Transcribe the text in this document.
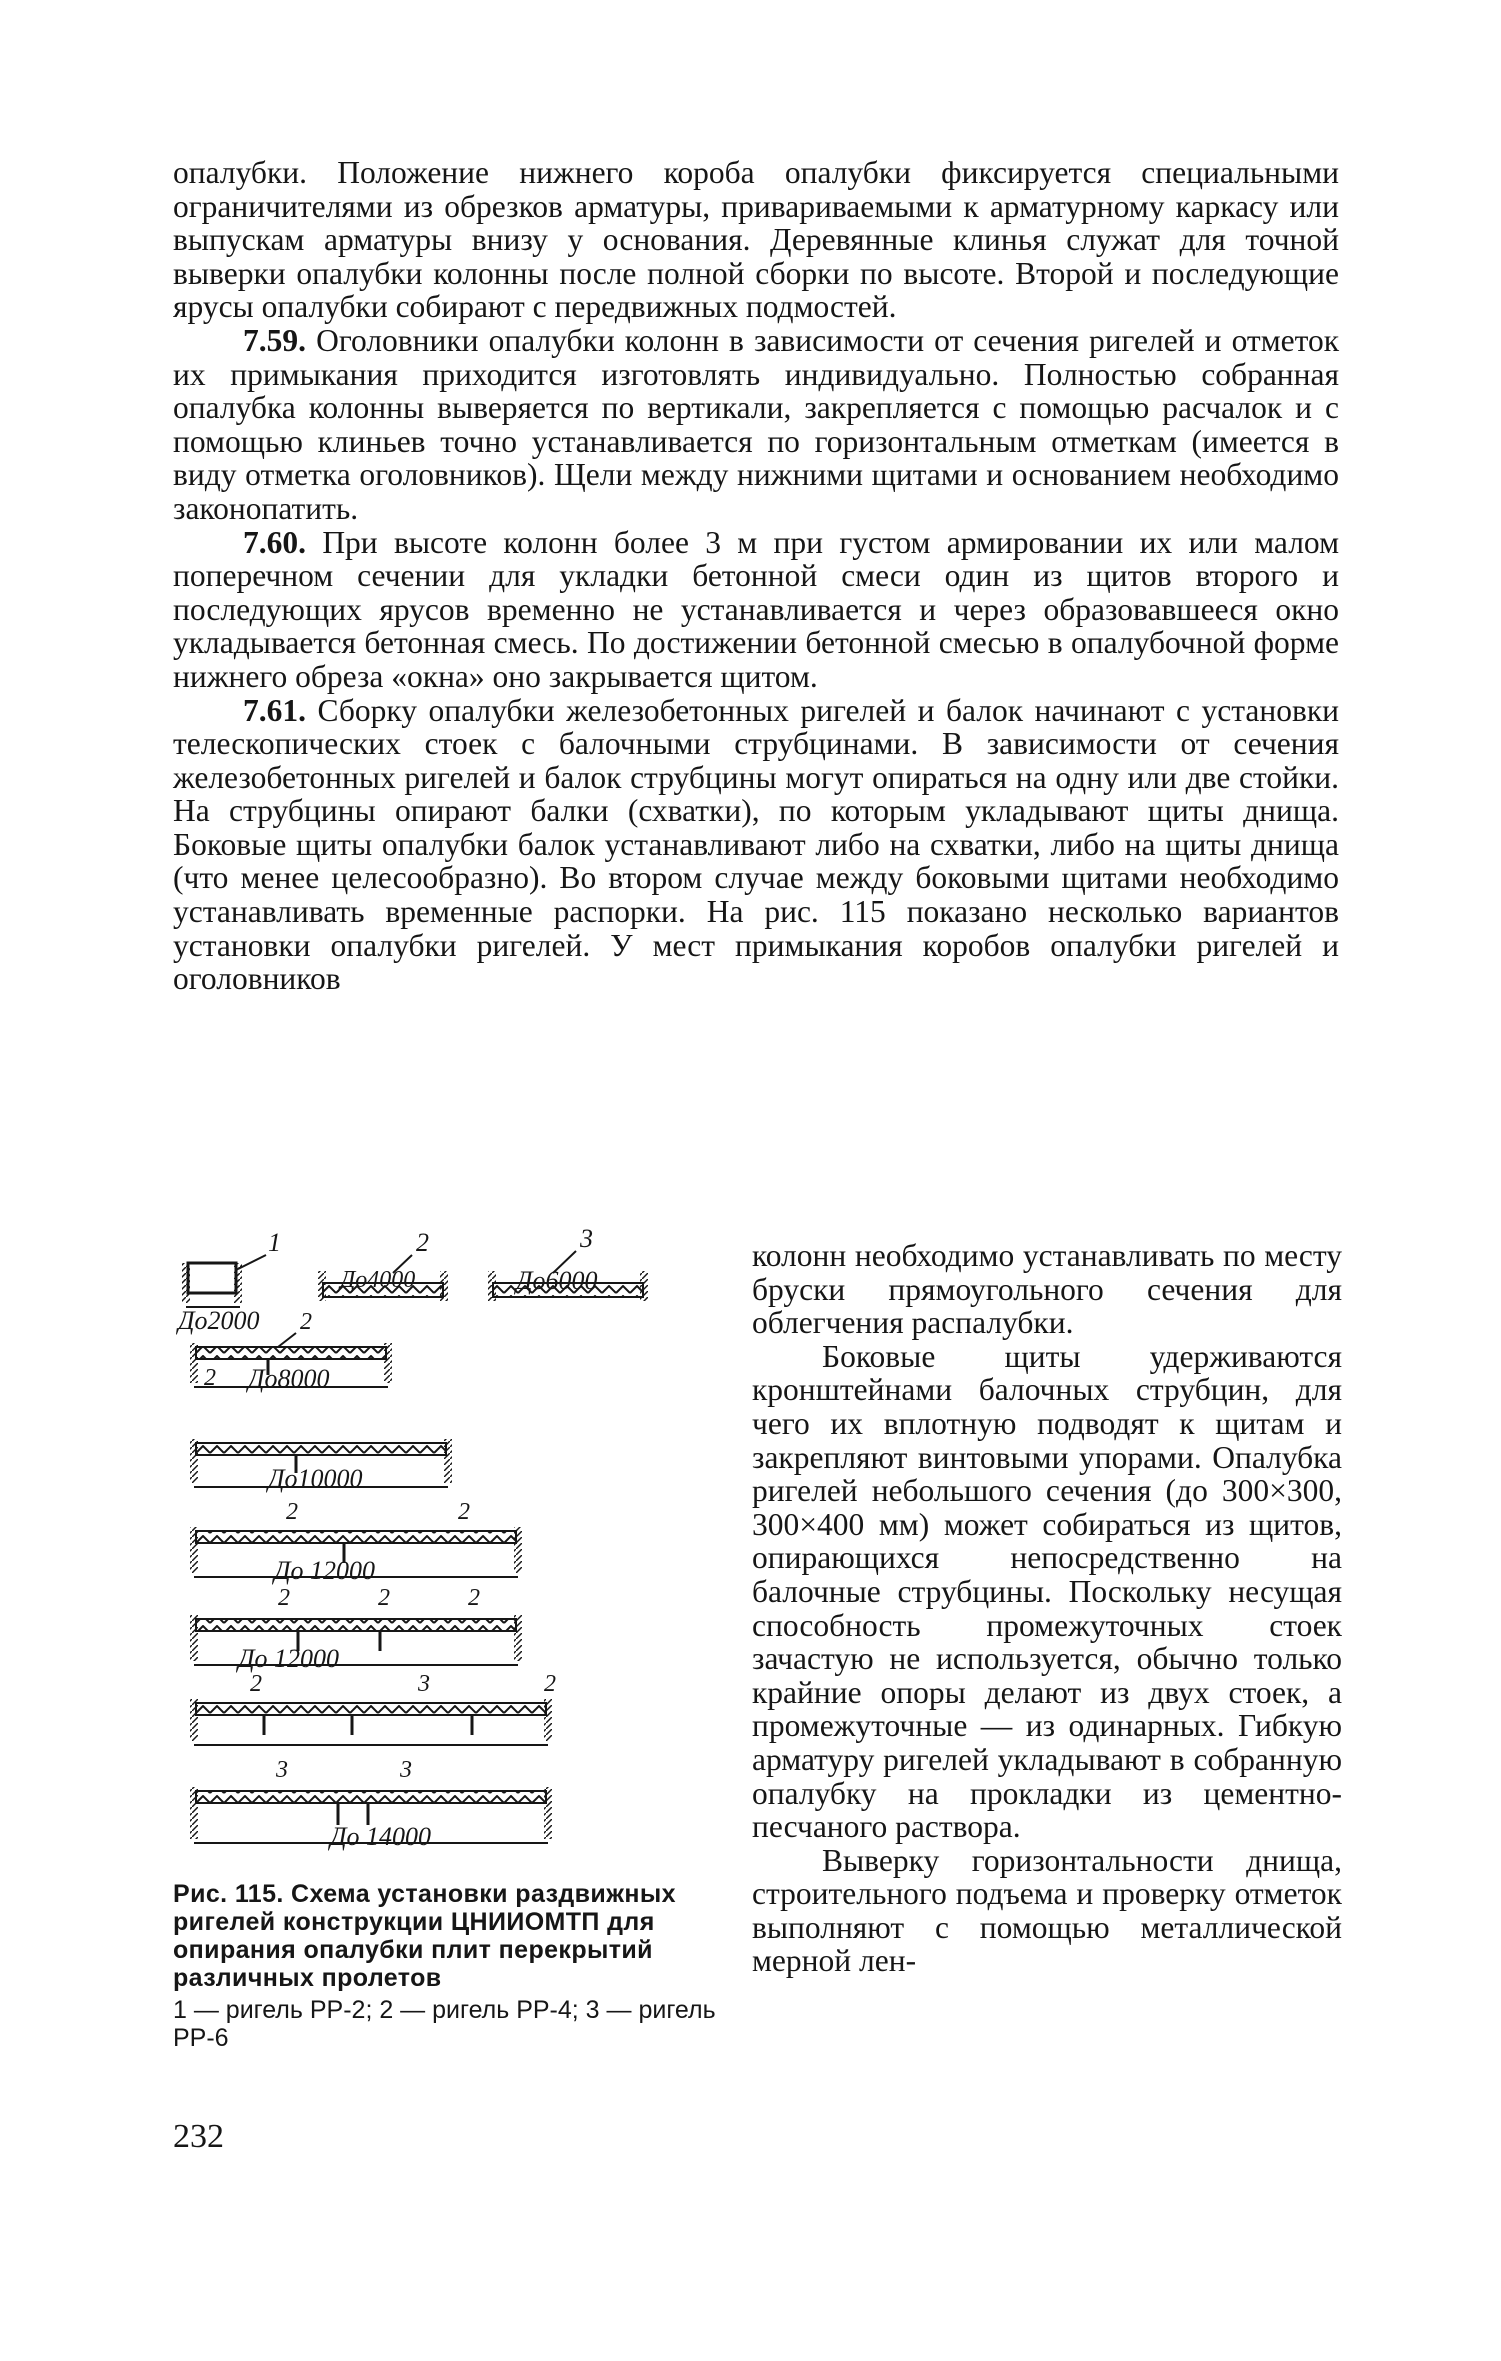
опалубки. Положение нижнего короба опалубки фиксируется специальными ограничителями из обрезков арматуры, привариваемыми к арматурному каркасу или выпускам арматуры внизу у основания. Деревянные клинья служат для точной выверки опалубки колонны после полной сборки по высоте. Второй и последующие ярусы опалубки собирают с передвижных подмостей.

7.59. Оголовники опалубки колонн в зависимости от сечения ригелей и отметок их примыкания приходится изготовлять индивидуально. Полностью собранная опалубка колонны выверяется по вертикали, закрепляется с помощью расчалок и с помощью клиньев точно устанавливается по горизонтальным отметкам (имеется в виду отметка оголовников). Щели между нижними щитами и основанием необходимо законопатить.

7.60. При высоте колонн более 3 м при густом армировании их или малом поперечном сечении для укладки бетонной смеси один из щитов второго и последующих ярусов временно не устанавливается и через образовавшееся окно укладывается бетонная смесь. По достижении бетонной смесью в опалубочной форме нижнего обреза «окна» оно закрывается щитом.

7.61. Сборку опалубки железобетонных ригелей и балок начинают с установки телескопических стоек с балочными струбцинами. В зависимости от сечения железобетонных ригелей и балок струбцины могут опираться на одну или две стойки. На струбцины опирают балки (схватки), по которым укладывают щиты днища. Боковые щиты опалубки балок устанавливают либо на схватки, либо на щиты днища (что менее целесообразно). Во втором случае между боковыми щитами необходимо устанавливать временные распорки. На рис. 115 показано несколько вариантов установки опалубки ригелей. У мест примыкания коробов опалубки ригелей и оголовников

колонн необходимо устанавливать по месту бруски прямоугольного сечения для облегчения распалубки.

Боковые щиты удерживаются кронштейнами балочных струбцин, для чего их вплотную подводят к щитам и закрепляют винтовыми упорами. Опалубка ригелей небольшого сечения (до 300×300, 300×400 мм) может собираться из щитов, опирающихся непосредственно на балочные струбцины. Поскольку несущая способность промежуточных стоек зачастую не используется, обычно только крайние опоры делают из двух стоек, а промежуточные — из одинарных. Гибкую арматуру ригелей укладывают в собранную опалубку на прокладки из цементно-песчаного раствора.

Выверку горизонтальности днища, строительного подъема и проверку отметок выполняют с помощью металлической мерной лен-

До2000
1
До4000
2
До6000
3
2 До8000
2
До10000
До 12000
2	2
До 12000
2	2	2
2	3	2
До 14000
3	3
Рис. 115. Схема установки раздвижных ригелей конструкции ЦНИИОМТП для опирания опалубки плит перекрытий различных пролетов
1 — ригель РР-2; 2 — ригель РР-4; 3 — ригель РР-6
232
